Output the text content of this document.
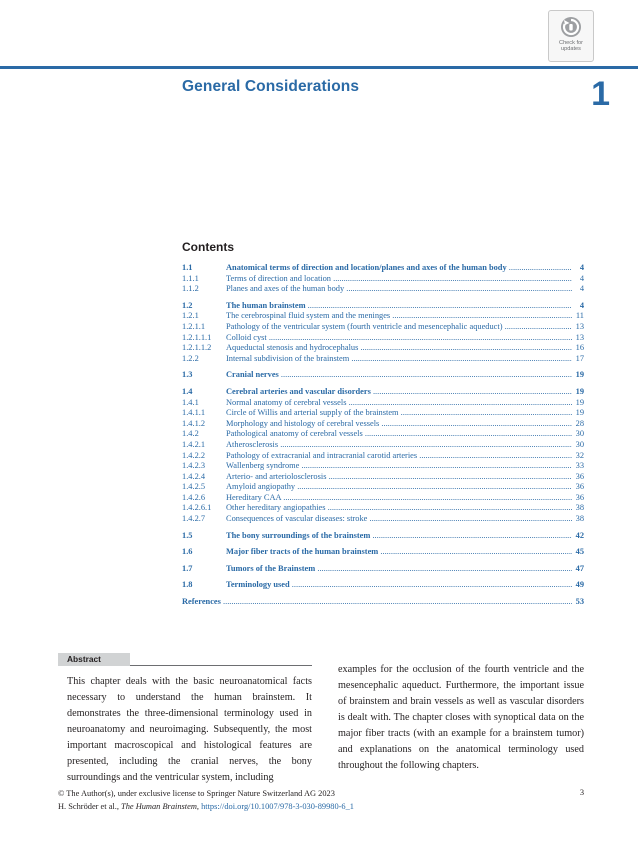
Check for
updates
General Considerations	1
Contents
1.1	Anatomical terms of direction and location/planes and axes of the human body .....	4
1.1.1	Terms of direction and location .....	4
1.1.2	Planes and axes of the human body .....	4
1.2	The human brainstem .....	4
1.2.1	The cerebrospinal fluid system and the meninges .....	11
1.2.1.1	Pathology of the ventricular system (fourth ventricle and mesencephalic aqueduct) .....	13
1.2.1.1.1	Colloid cyst .....	13
1.2.1.1.2	Aqueductal stenosis and hydrocephalus .....	16
1.2.2	Internal subdivision of the brainstem .....	17
1.3	Cranial nerves .....	19
1.4	Cerebral arteries and vascular disorders .....	19
1.4.1	Normal anatomy of cerebral vessels .....	19
1.4.1.1	Circle of Willis and arterial supply of the brainstem .....	19
1.4.1.2	Morphology and histology of cerebral vessels .....	28
1.4.2	Pathological anatomy of cerebral vessels .....	30
1.4.2.1	Atherosclerosis .....	30
1.4.2.2	Pathology of extracranial and intracranial carotid arteries .....	32
1.4.2.3	Wallenberg syndrome .....	33
1.4.2.4	Arterio- and arteriolosclerosis .....	36
1.4.2.5	Amyloid angiopathy .....	36
1.4.2.6	Hereditary CAA .....	36
1.4.2.6.1	Other hereditary angiopathies .....	38
1.4.2.7	Consequences of vascular diseases: stroke .....	38
1.5	The bony surroundings of the brainstem .....	42
1.6	Major fiber tracts of the human brainstem .....	45
1.7	Tumors of the Brainstem .....	47
1.8	Terminology used .....	49
References .....	53
Abstract
This chapter deals with the basic neuroanatomical facts necessary to understand the human brainstem. It demonstrates the three-dimensional terminology used in neuroanatomy and neuroimaging. Subsequently, the most important macroscopical and histological features are presented, including the cranial nerves, the bony surroundings and the ventricular system, including
examples for the occlusion of the fourth ventricle and the mesencephalic aqueduct. Furthermore, the important issue of brainstem and brain vessels as well as vascular disorders is dealt with. The chapter closes with synoptical data on the major fiber tracts (with an example for a brainstem tumor) and explanations on the anatomical terminology used throughout the following chapters.
© The Author(s), under exclusive license to Springer Nature Switzerland AG 2023
H. Schröder et al., The Human Brainstem, https://doi.org/10.1007/978-3-030-89980-6_1
3
